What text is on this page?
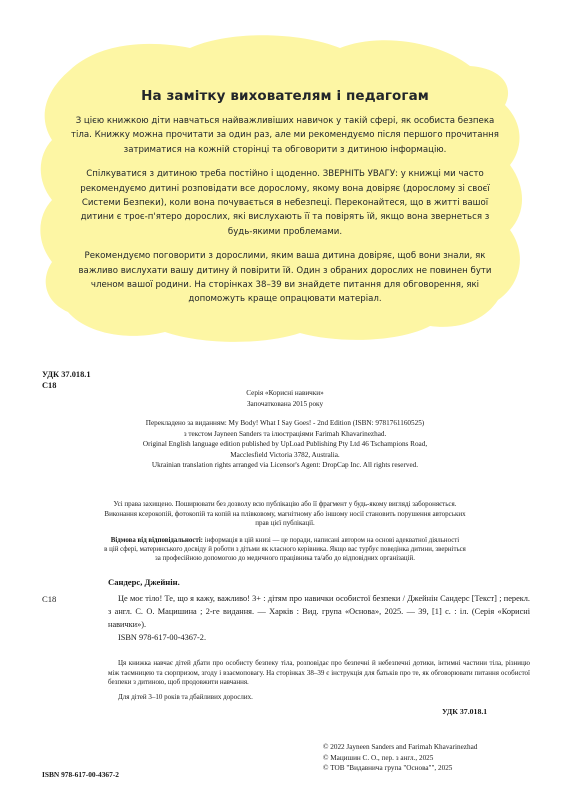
На замітку вихователям і педагогам

З цією книжкою діти навчаться найважливіших навичок у такій сфері, як особиста безпека тіла. Книжку можна прочитати за один раз, але ми рекомендуємо після першого прочитання затриматися на кожній сторінці та обговорити з дитиною інформацію.

Спілкуватися з дитиною треба постійно і щоденно. ЗВЕРНІТЬ УВАГУ: у книжці ми часто рекомендуємо дитині розповідати все дорослому, якому вона довіряє (дорослому зі своєї Системи Безпеки), коли вона почувається в небезпеці. Переконайтеся, що в житті вашої дитини є троє-п'ятеро дорослих, які вислухають її та повірять їй, якщо вона звернеться з будь-якими проблемами.

Рекомендуємо поговорити з дорослими, яким ваша дитина довіряє, щоб вони знали, як важливо вислухати вашу дитину й повірити їй. Один з обраних дорослих не повинен бути членом вашої родини. На сторінках 38–39 ви знайдете питання для обговорення, які допоможуть краще опрацювати матеріал.

УДК 37.018.1
С18
Серія «Корисні навички»
Започаткована 2015 року
Перекладено за виданням: My Body! What I Say Goes! - 2nd Edition (ISBN: 9781761160525)
з текстом Jayneen Sanders та ілюстраціями Farimah Khavarinezhad.
Original English language edition published by UpLoad Publishing Pty Ltd 46 Tschampions Road,
Macclesfield Victoria 3782, Australia.
Ukrainian translation rights arranged via Licensor's Agent: DropCap Inc. All rights reserved.
Усі права захищено. Поширювати без дозволу всю публікацію або її фрагмент у будь-якому вигляді забороняється.
Виконання ксерокопій, фотокопій та копій на плівковому, магнітному або іншому носії становить порушення авторських
прав цієї публікації.
Відмова від відповідальності: інформація в цій книзі — це поради, написані автором на основі адекватної діяльності
в цій сфері, материнського досвіду й роботи з дітьми як класного керівника. Якщо вас турбує поведінка дитини, зверніться
за професійною допомогою до медичного працівника та/або до відповідних організацій.
Сандерс, Джейнін.
С18	Це моє тіло! Те, що я кажу, важливо! 3+ : дітям про навички особистої безпеки / Джейнін Сандерс [Текст] ; перекл. з англ. С. О. Мацишина ; 2-ге видання. — Харків : Вид. група «Основа», 2025. — 39, [1] с. : іл. (Серія «Корисні навички»).
ISBN 978-617-00-4367-2.
Ця книжка навчає дітей дбати про особисту безпеку тіла, розповідає про безпечні й небезпечні дотики, інтимні частини тіла, різницю між таємницею та сюрпризом, згоду і взаємоповагу. На сторінках 38–39 є інструкція для батьків про те, як обговорювати питання особистої безпеки з дитиною, щоб продовжити навчання.
Для дітей 3–10 років та дбайливих дорослих.
УДК 37.018.1
© 2022 Jayneen Sanders and Farimah Khavarinezhad
© Мацишин С. О., пер. з англ., 2025
© ТОВ "Видавнича група "Основа"", 2025
ISBN 978-617-00-4367-2
